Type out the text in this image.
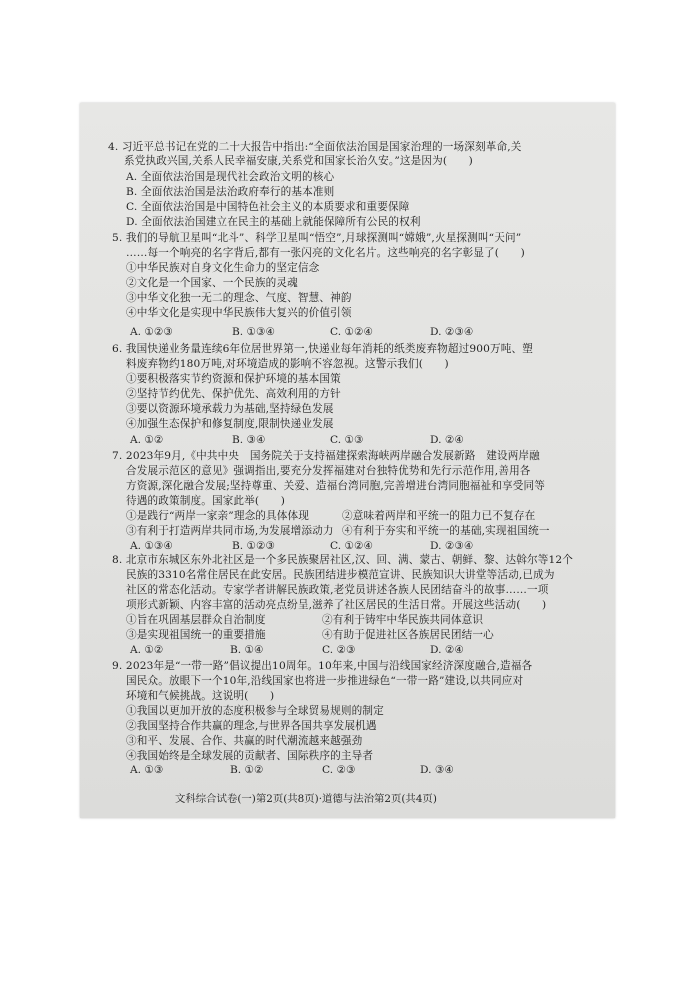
4. 习近平总书记在党的二十大报告中指出:“全面依法治国是国家治理的一场深刻革命,关
系党执政兴国,关系人民幸福安康,关系党和国家长治久安。”这是因为(　　)
A. 全面依法治国是现代社会政治文明的核心
B. 全面依法治国是法治政府奉行的基本准则
C. 全面依法治国是中国特色社会主义的本质要求和重要保障
D. 全面依法治国建立在民主的基础上就能保障所有公民的权利
5. 我们的导航卫星叫“北斗”、科学卫星叫“悟空”,月球探测叫“嫦娥”,火星探测叫“天问”
……每一个响亮的名字背后,都有一张闪亮的文化名片。这些响亮的名字彰显了(　　)
①中华民族对自身文化生命力的坚定信念
②文化是一个国家、一个民族的灵魂
③中华文化独一无二的理念、气度、智慧、神韵
④中华文化是实现中华民族伟大复兴的价值引领
A. ①②③	B. ①③④	C. ①②④	D. ②③④
6. 我国快递业务量连续6年位居世界第一,快递业每年消耗的纸类废弃物超过900万吨、塑
料废弃物约180万吨,对环境造成的影响不容忽视。这警示我们(　　)
①要积极落实节约资源和保护环境的基本国策
②坚持节约优先、保护优先、高效利用的方针
③要以资源环境承载力为基础,坚持绿色发展
④加强生态保护和修复制度,限制快递业发展
A. ①②	B. ③④	C. ①③	D. ②④
7. 2023年9月,《中共中央　国务院关于支持福建探索海峡两岸融合发展新路　建设两岸融
合发展示范区的意见》强调指出,要充分发挥福建对台独特优势和先行示范作用,善用各
方资源,深化融合发展;坚持尊重、关爱、造福台湾同胞,完善增进台湾同胞福祉和享受同等
待遇的政策制度。国家此举(　　)
①是践行“两岸一家亲”理念的具体体现	②意味着两岸和平统一的阻力已不复存在
③有利于打造两岸共同市场,为发展增添动力 ④有利于夯实和平统一的基础,实现祖国统一
A. ①③④	B. ①②③	C. ①②④	D. ②③④
8. 北京市东城区东外北社区是一个多民族聚居社区,汉、回、满、蒙古、朝鲜、黎、达斡尔等12个
民族的3310名常住居民在此安居。民族团结进步模范宣讲、民族知识大讲堂等活动,已成为
社区的常态化活动。专家学者讲解民族政策,老党员讲述各族人民团结奋斗的故事……一项
项形式新颖、内容丰富的活动亮点纷呈,滋养了社区居民的生活日常。开展这些活动(　　)
①旨在巩固基层群众自治制度	②有利于铸牢中华民族共同体意识
③是实现祖国统一的重要措施	④有助于促进社区各族居民团结一心
A. ①②	B. ①④	C. ②③	D. ②④
9. 2023年是“一带一路”倡议提出10周年。10年来,中国与沿线国家经济深度融合,造福各
国民众。放眼下一个10年,沿线国家也将进一步推进绿色“一带一路”建设,以共同应对
环境和气候挑战。这说明(　　)
①我国以更加开放的态度积极参与全球贸易规则的制定
②我国坚持合作共赢的理念,与世界各国共享发展机遇
③和平、发展、合作、共赢的时代潮流越来越强劲
④我国始终是全球发展的贡献者、国际秩序的主导者
A. ①③	B. ①②	C. ②③	D. ③④
文科综合试卷(一)第2页(共8页)·道德与法治第2页(共4页)
